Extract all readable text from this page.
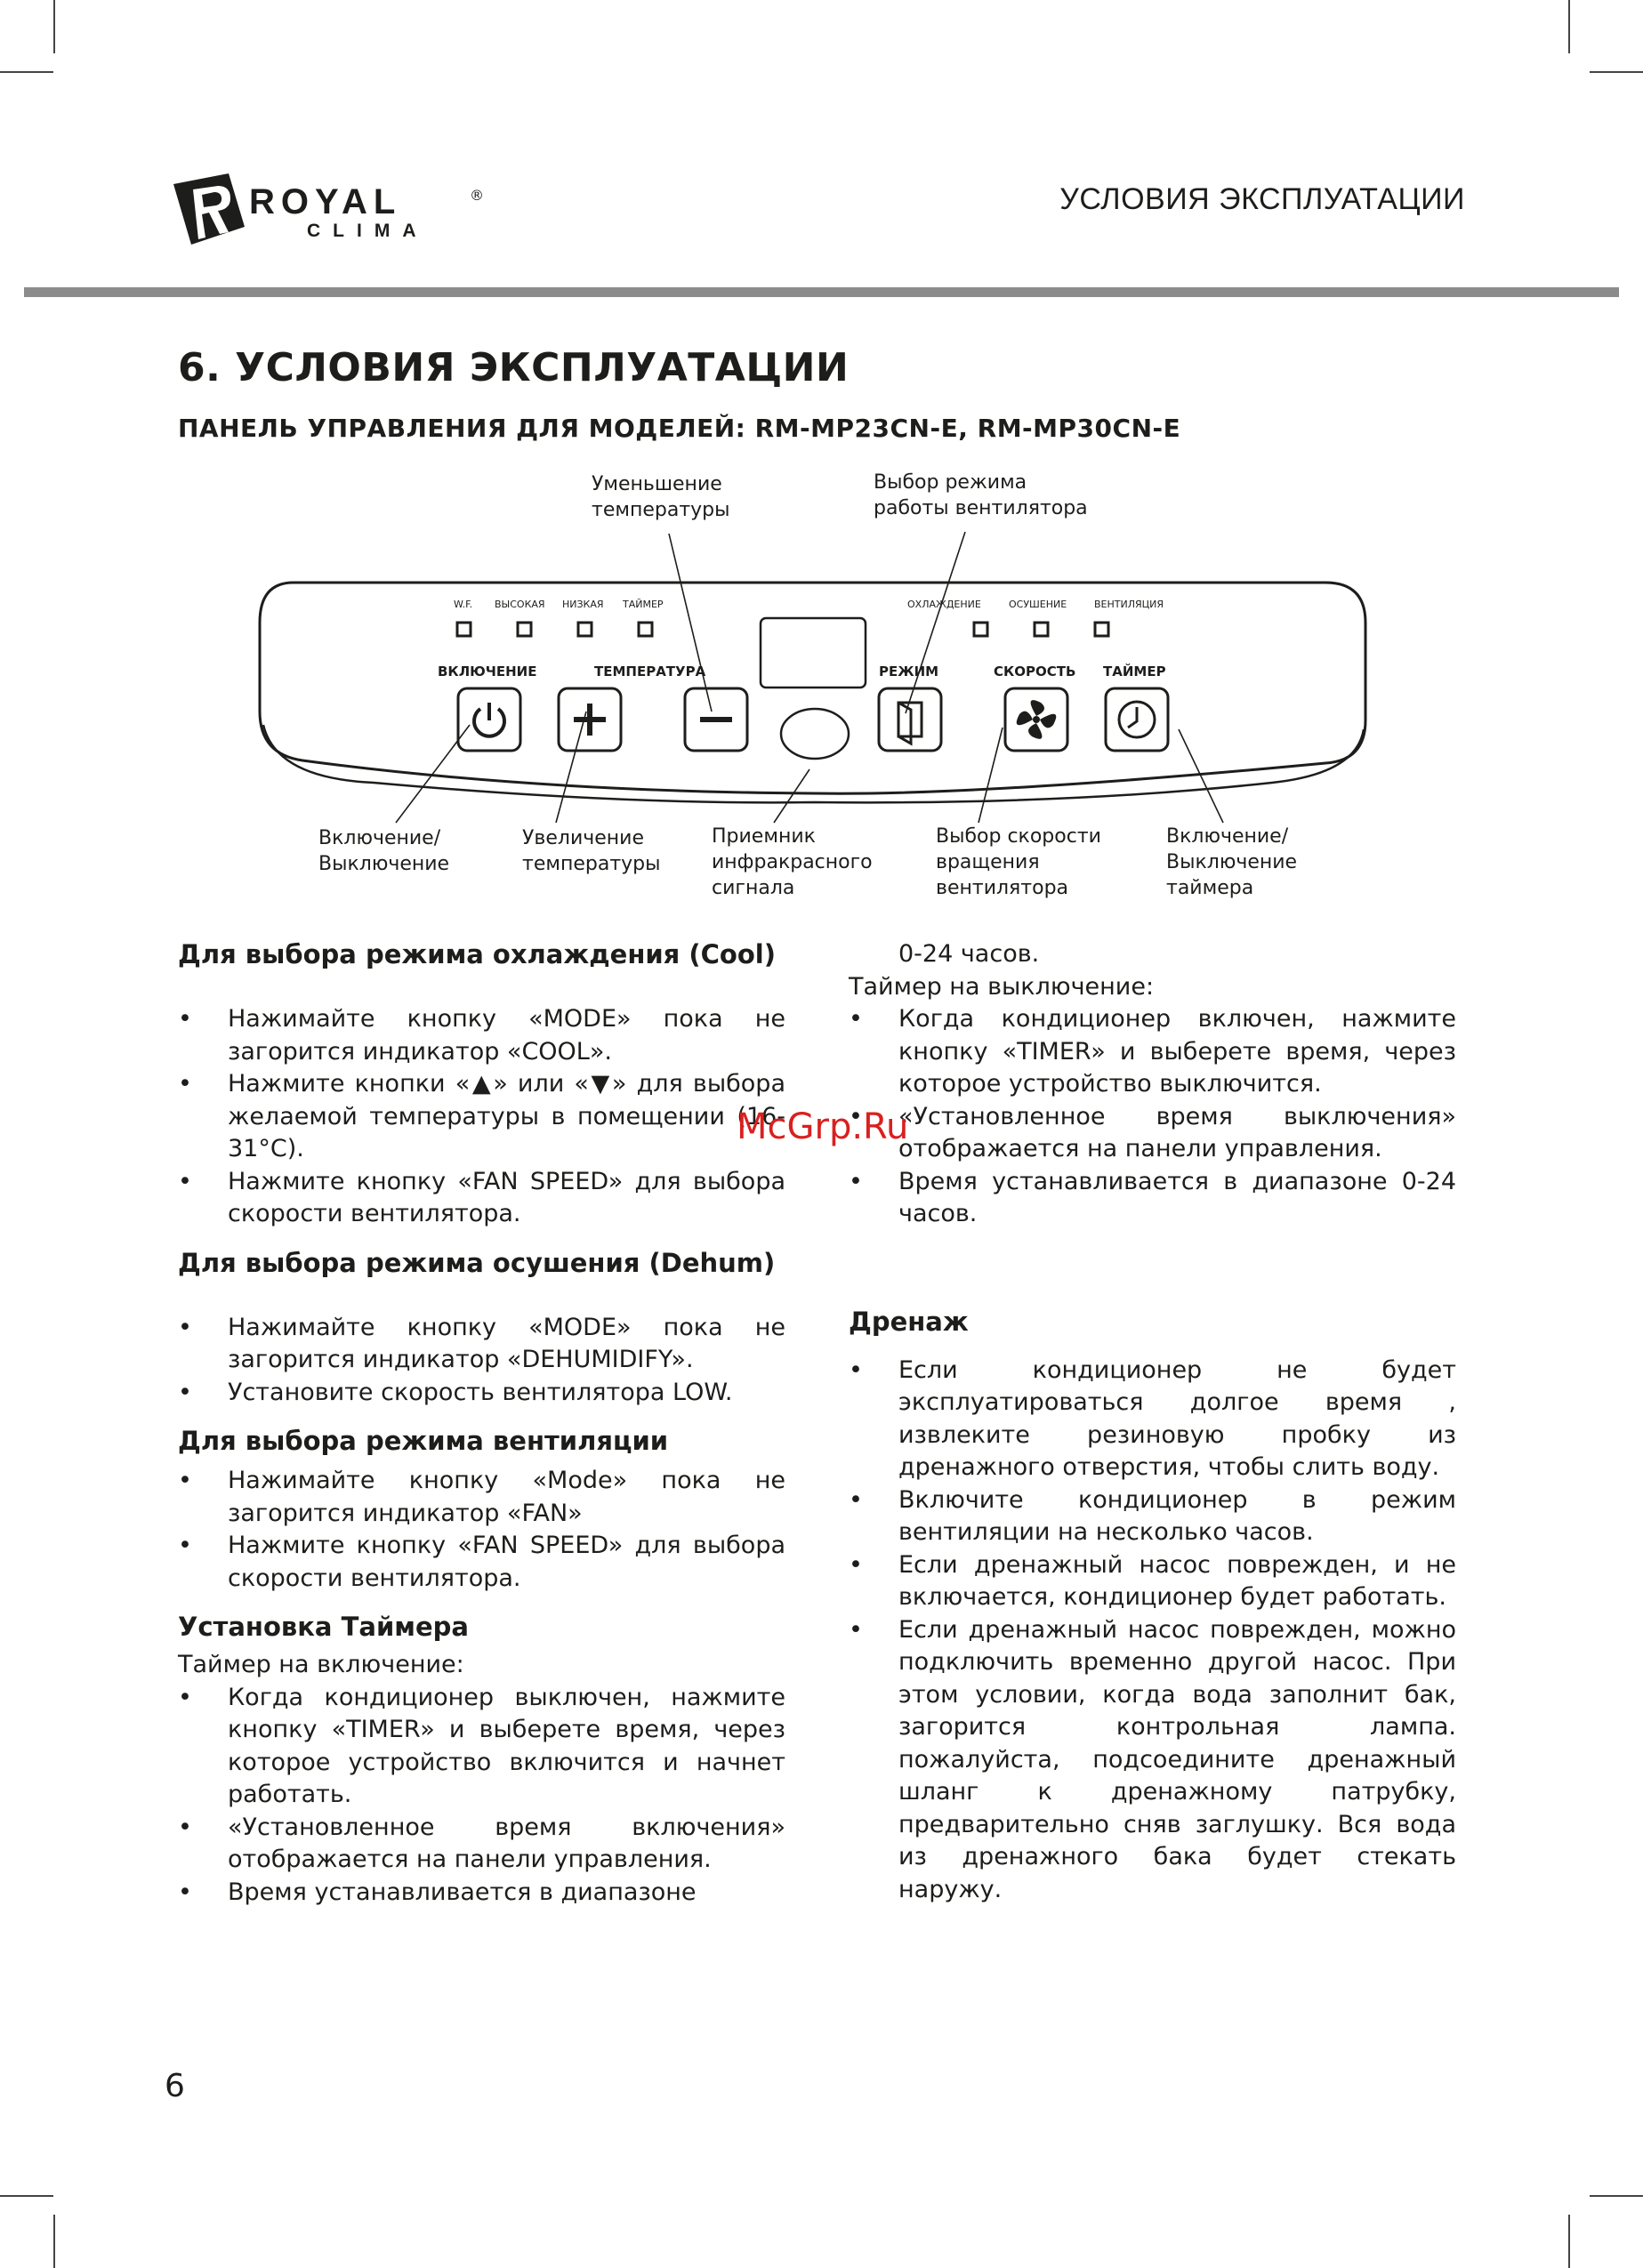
ROYAL	®
CLIMA
УСЛОВИЯ ЭКСПЛУАТАЦИИ
6. УСЛОВИЯ ЭКСПЛУАТАЦИИ
ПАНЕЛЬ УПРАВЛЕНИЯ ДЛЯ МОДЕЛЕЙ: RM-MP23CN-E, RM-MP30CN-E
W.F. ВЫСОКАЯ НИЗКАЯ ТАЙМЕР	ОХЛАЖДЕНИЕ	ОСУШЕНИЕ	ВЕНТИЛЯЦИЯ
ВКЛЮЧЕНИЕ	ТЕМПЕРАТУРА	РЕЖИМ	СКОРОСТЬ ТАЙМЕР
Уменьшение
температуры
Выбор режима
работы вентилятора
Включение/
Выключение
Увеличение
температуры
Приемник
инфракрасного
сигнала
Выбор скорости
вращения
вентилятора
Включение/
Выключение
таймера
Для выбора режима охлаждения (Cool)
• Нажимайте кнопку «MODE» пока не загорится индикатор «COOL».
• Нажмите кнопки «▲» или «▼» для выбора желаемой температуры в помещении (16-31°C).
• Нажмите кнопку «FAN SPEED» для выбора скорости вентилятора.
Для выбора режима осушения (Dehum)
• Нажимайте кнопку «MODE» пока не загорится индикатор «DEHUMIDIFY».
• Установите скорость вентилятора LOW.
Для выбора режима вентиляции
• Нажимайте кнопку «Mode» пока не загорится индикатор «FAN»
• Нажмите кнопку «FAN SPEED» для выбора скорости вентилятора.
Установка Таймера

Таймер на включение:

• Когда кондиционер выключен, нажмите кнопку «TIMER» и выберете время, через которое устройство включится и начнет работать.
• «Установленное время включения» отображается на панели управления.
• Время устанавливается в диапазоне

0-24 часов.

Таймер на выключение:

• Когда кондиционер включен, нажмите кнопку «TIMER» и выберете время, через которое устройство выключится.
• «Установленное время выключения» отображается на панели управления.
• Время устанавливается в диапазоне 0-24 часов.
Дренаж
• Если кондиционер не будет эксплуатироваться долгое время , извлеките резиновую пробку из дренажного отверстия, чтобы слить воду.
• Включите кондиционер в режим вентиляции на несколько часов.
• Если дренажный насос поврежден, и не включается, кондиционер будет работать.
• Если дренажный насос поврежден, можно подключить временно другой насос. При этом условии, когда вода заполнит бак, загорится контрольная лампа. пожалуйста, подсоедините дренажный шланг к дренажному патрубку, предварительно сняв заглушку. Вся вода из дренажного бака будет стекать наружу.
McGrp.Ru
6
